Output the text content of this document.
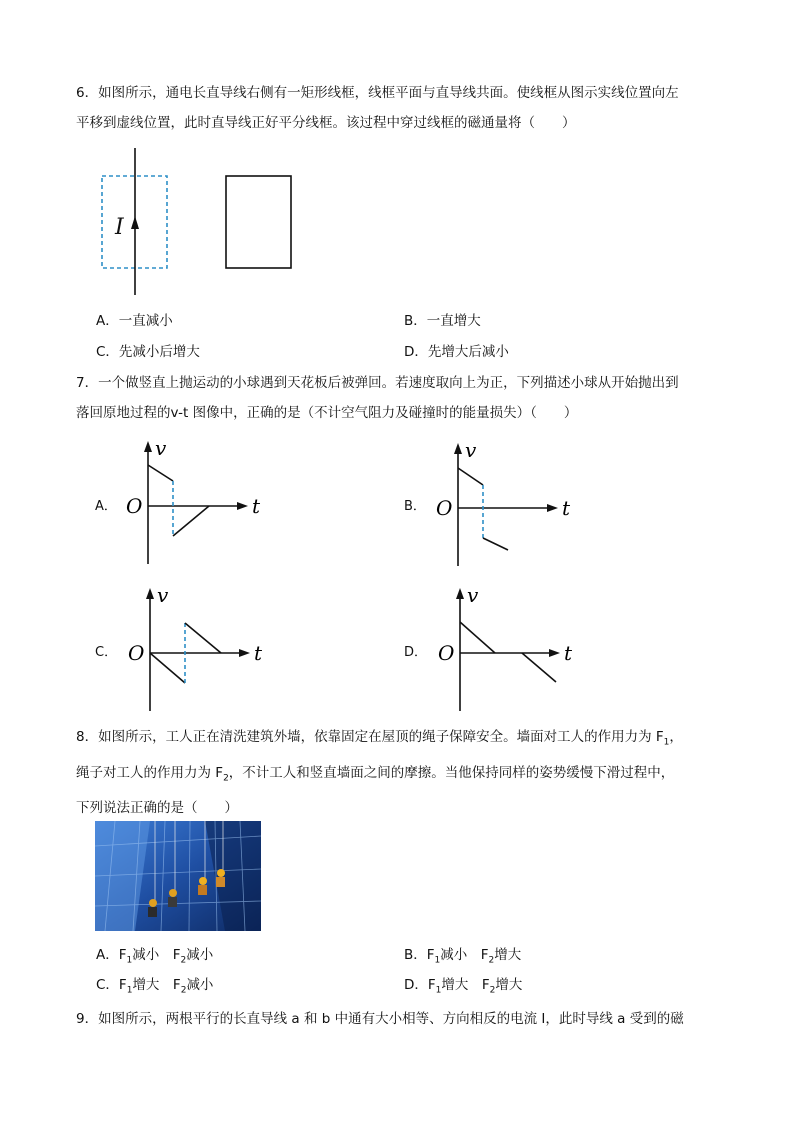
6．如图所示，通电长直导线右侧有一矩形线框，线框平面与直导线共面。使线框从图示实线位置向左
平移到虚线位置，此时直导线正好平分线框。该过程中穿过线框的磁通量将（　　）
I
A．一直减小	B．一直增大
C．先减小后增大	D．先增大后减小
7．一个做竖直上抛运动的小球遇到天花板后被弹回。若速度取向上为正，下列描述小球从开始抛出到
落回原地过程的v-t 图像中，正确的是（不计空气阻力及碰撞时的能量损失）（　　）
A．
v
t
O	B．
v
t
O
C．
v
t
O	D．
v
t
O
8．如图所示，工人正在清洗建筑外墙，依靠固定在屋顶的绳子保障安全。墙面对工人的作用力为 $F_1$，
绳子对工人的作用力为 $F_2$，不计工人和竖直墙面之间的摩擦。当他保持同样的姿势缓慢下滑过程中，
下列说法正确的是（　　）
A．$F_1$减小　$F_2$减小	B．$F_1$减小　$F_2$增大
C．$F_1$增大　$F_2$减小	D．$F_1$增大　$F_2$增大
9．如图所示，两根平行的长直导线 a 和 b 中通有大小相等、方向相反的电流 I，此时导线 a 受到的磁
